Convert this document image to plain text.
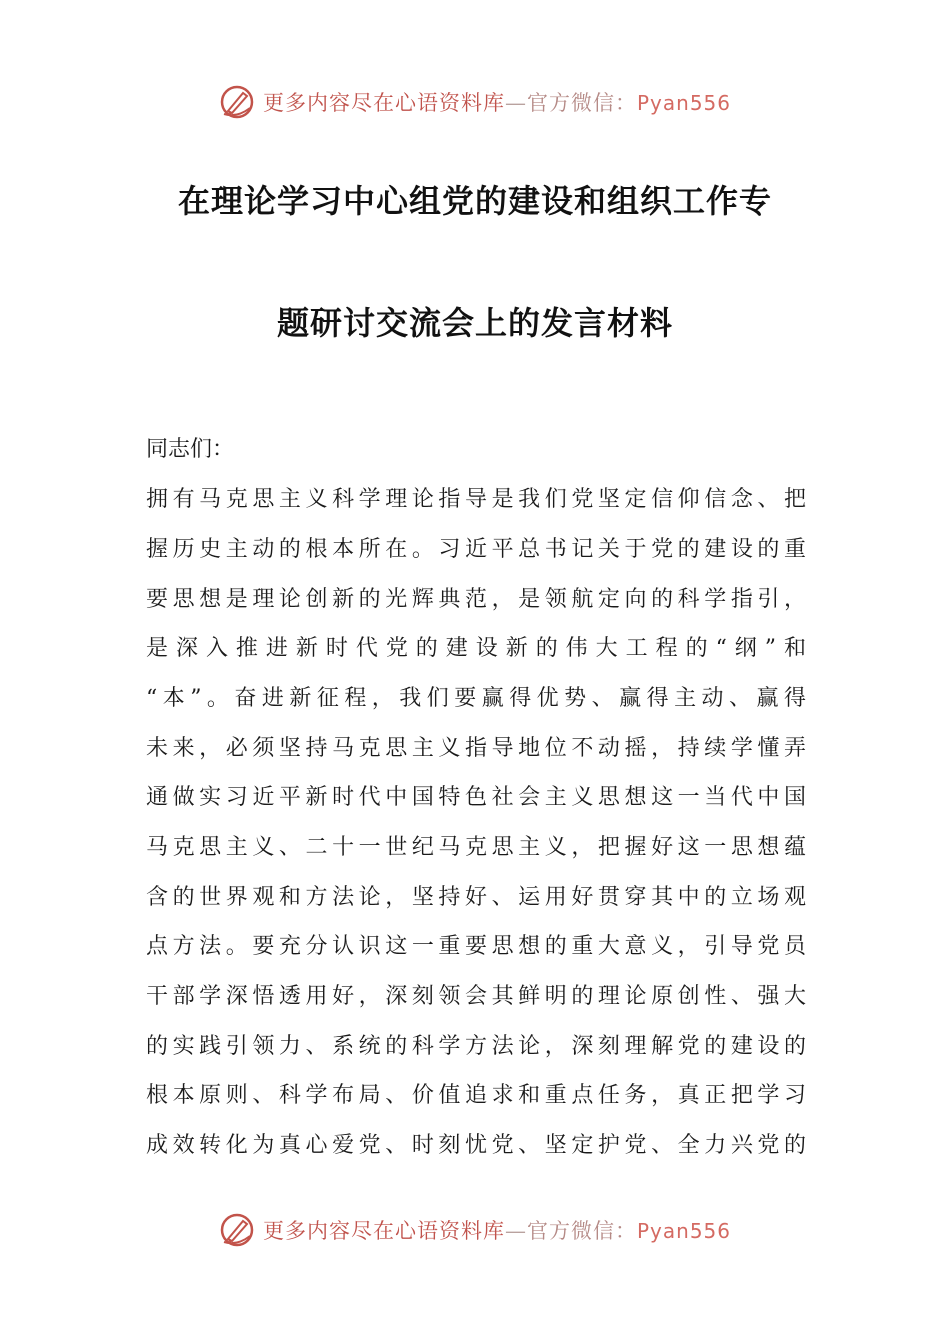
更多内容尽在心语资料库—官方微信：Pyan556
在理论学习中心组党的建设和组织工作专
题研讨交流会上的发言材料
同志们：
拥有马克思主义科学理论指导是我们党坚定信仰信念、把
握历史主动的根本所在。习近平总书记关于党的建设的重
要思想是理论创新的光辉典范，是领航定向的科学指引，
是深入推进新时代党的建设新的伟大工程的“纲”和
“本”。奋进新征程，我们要赢得优势、赢得主动、赢得
未来，必须坚持马克思主义指导地位不动摇，持续学懂弄
通做实习近平新时代中国特色社会主义思想这一当代中国
马克思主义、二十一世纪马克思主义，把握好这一思想蕴
含的世界观和方法论，坚持好、运用好贯穿其中的立场观
点方法。要充分认识这一重要思想的重大意义，引导党员
干部学深悟透用好，深刻领会其鲜明的理论原创性、强大
的实践引领力、系统的科学方法论，深刻理解党的建设的
根本原则、科学布局、价值追求和重点任务，真正把学习
成效转化为真心爱党、时刻忧党、坚定护党、全力兴党的
更多内容尽在心语资料库—官方微信：Pyan556
